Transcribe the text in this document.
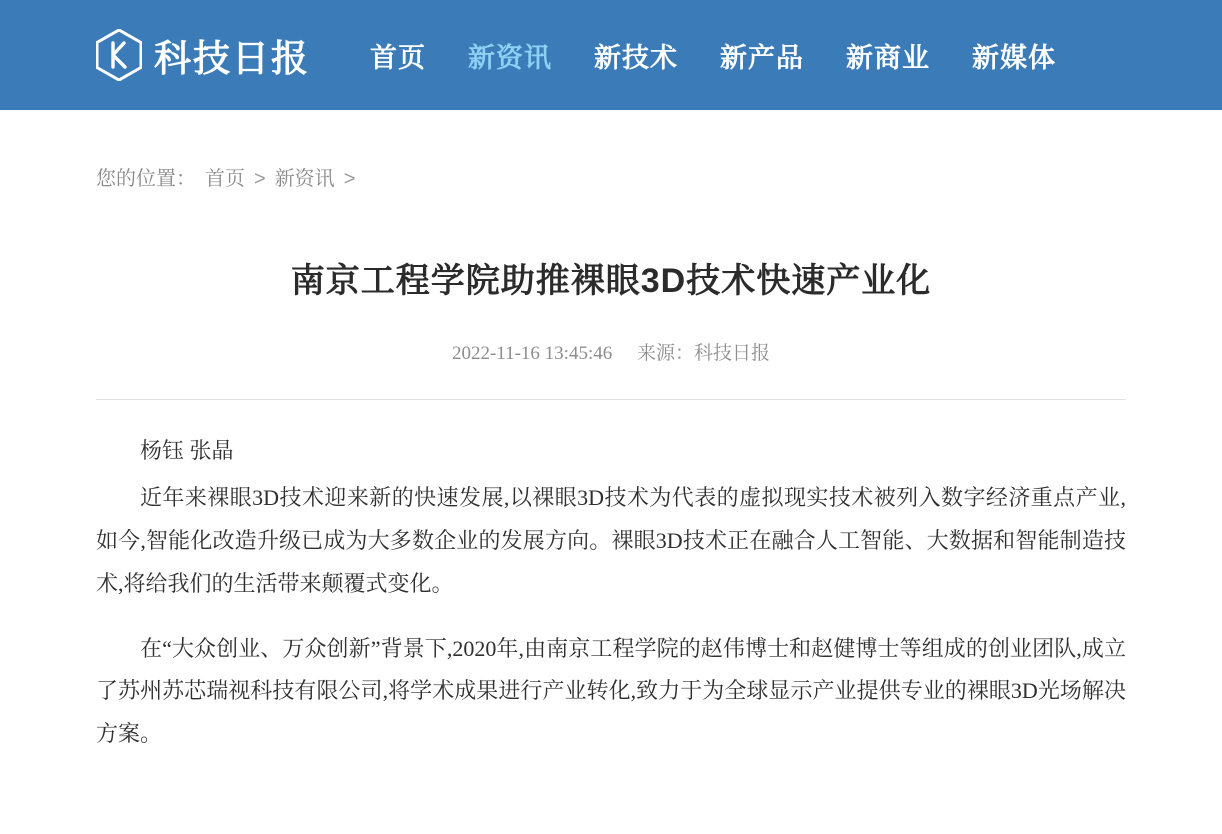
科技日报 首页 新资讯 新技术 新产品 新商业 新媒体
您的位置： 首页 > 新资讯 >
南京工程学院助推裸眼3D技术快速产业化
2022-11-16 13:45:46 来源：科技日报

杨钰 张晶

近年来裸眼3D技术迎来新的快速发展,以裸眼3D技术为代表的虚拟现实技术被列入数字经济重点产业,如今,智能化改造升级已成为大多数企业的发展方向。裸眼3D技术正在融合人工智能、大数据和智能制造技术,将给我们的生活带来颠覆式变化。

在“大众创业、万众创新”背景下,2020年,由南京工程学院的赵伟博士和赵健博士等组成的创业团队,成立了苏州苏芯瑞视科技有限公司,将学术成果进行产业转化,致力于为全球显示产业提供专业的裸眼3D光场解决方案。
